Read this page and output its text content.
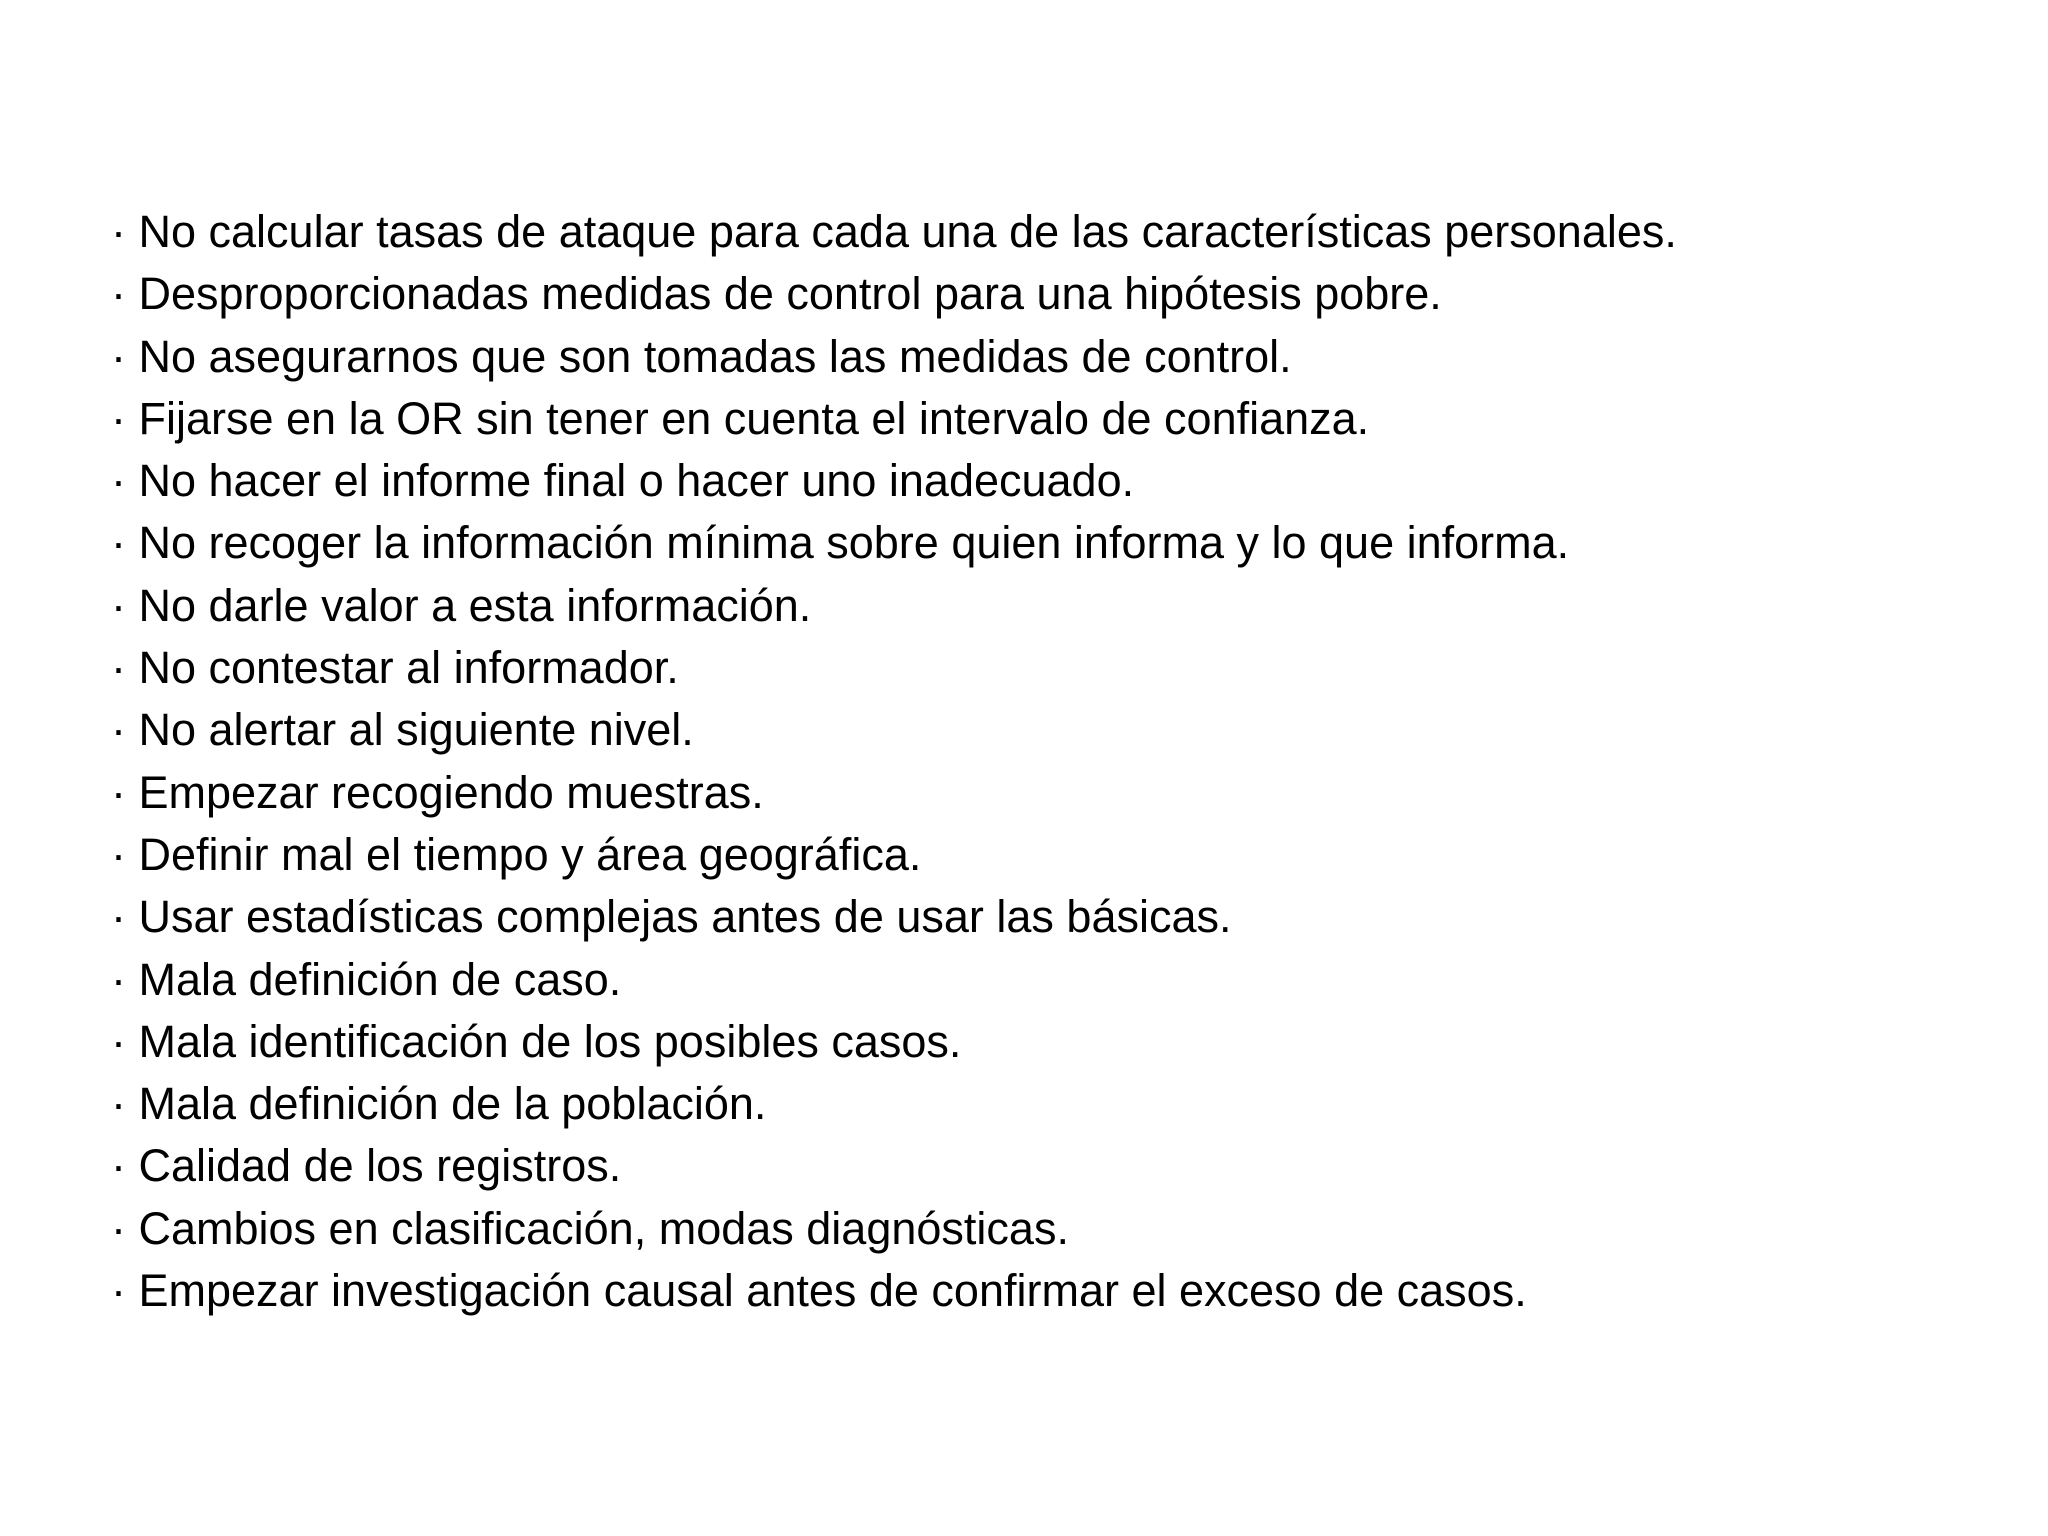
· No calcular tasas de ataque para cada una de las características personales.
· Desproporcionadas medidas de control para una hipótesis pobre.
· No asegurarnos que son tomadas las medidas de control.
· Fijarse en la OR sin tener en cuenta el intervalo de confianza.
· No hacer el informe final o hacer uno inadecuado.
· No recoger la información mínima sobre quien informa y lo que informa.
· No darle valor a esta información.
· No contestar al informador.
· No alertar al siguiente nivel.
· Empezar recogiendo muestras.
· Definir mal el tiempo y área geográfica.
· Usar estadísticas complejas antes de usar las básicas.
· Mala definición de caso.
· Mala identificación de los posibles casos.
· Mala definición de la población.
· Calidad de los registros.
· Cambios en clasificación, modas diagnósticas.
· Empezar investigación causal antes de confirmar el exceso de casos.
